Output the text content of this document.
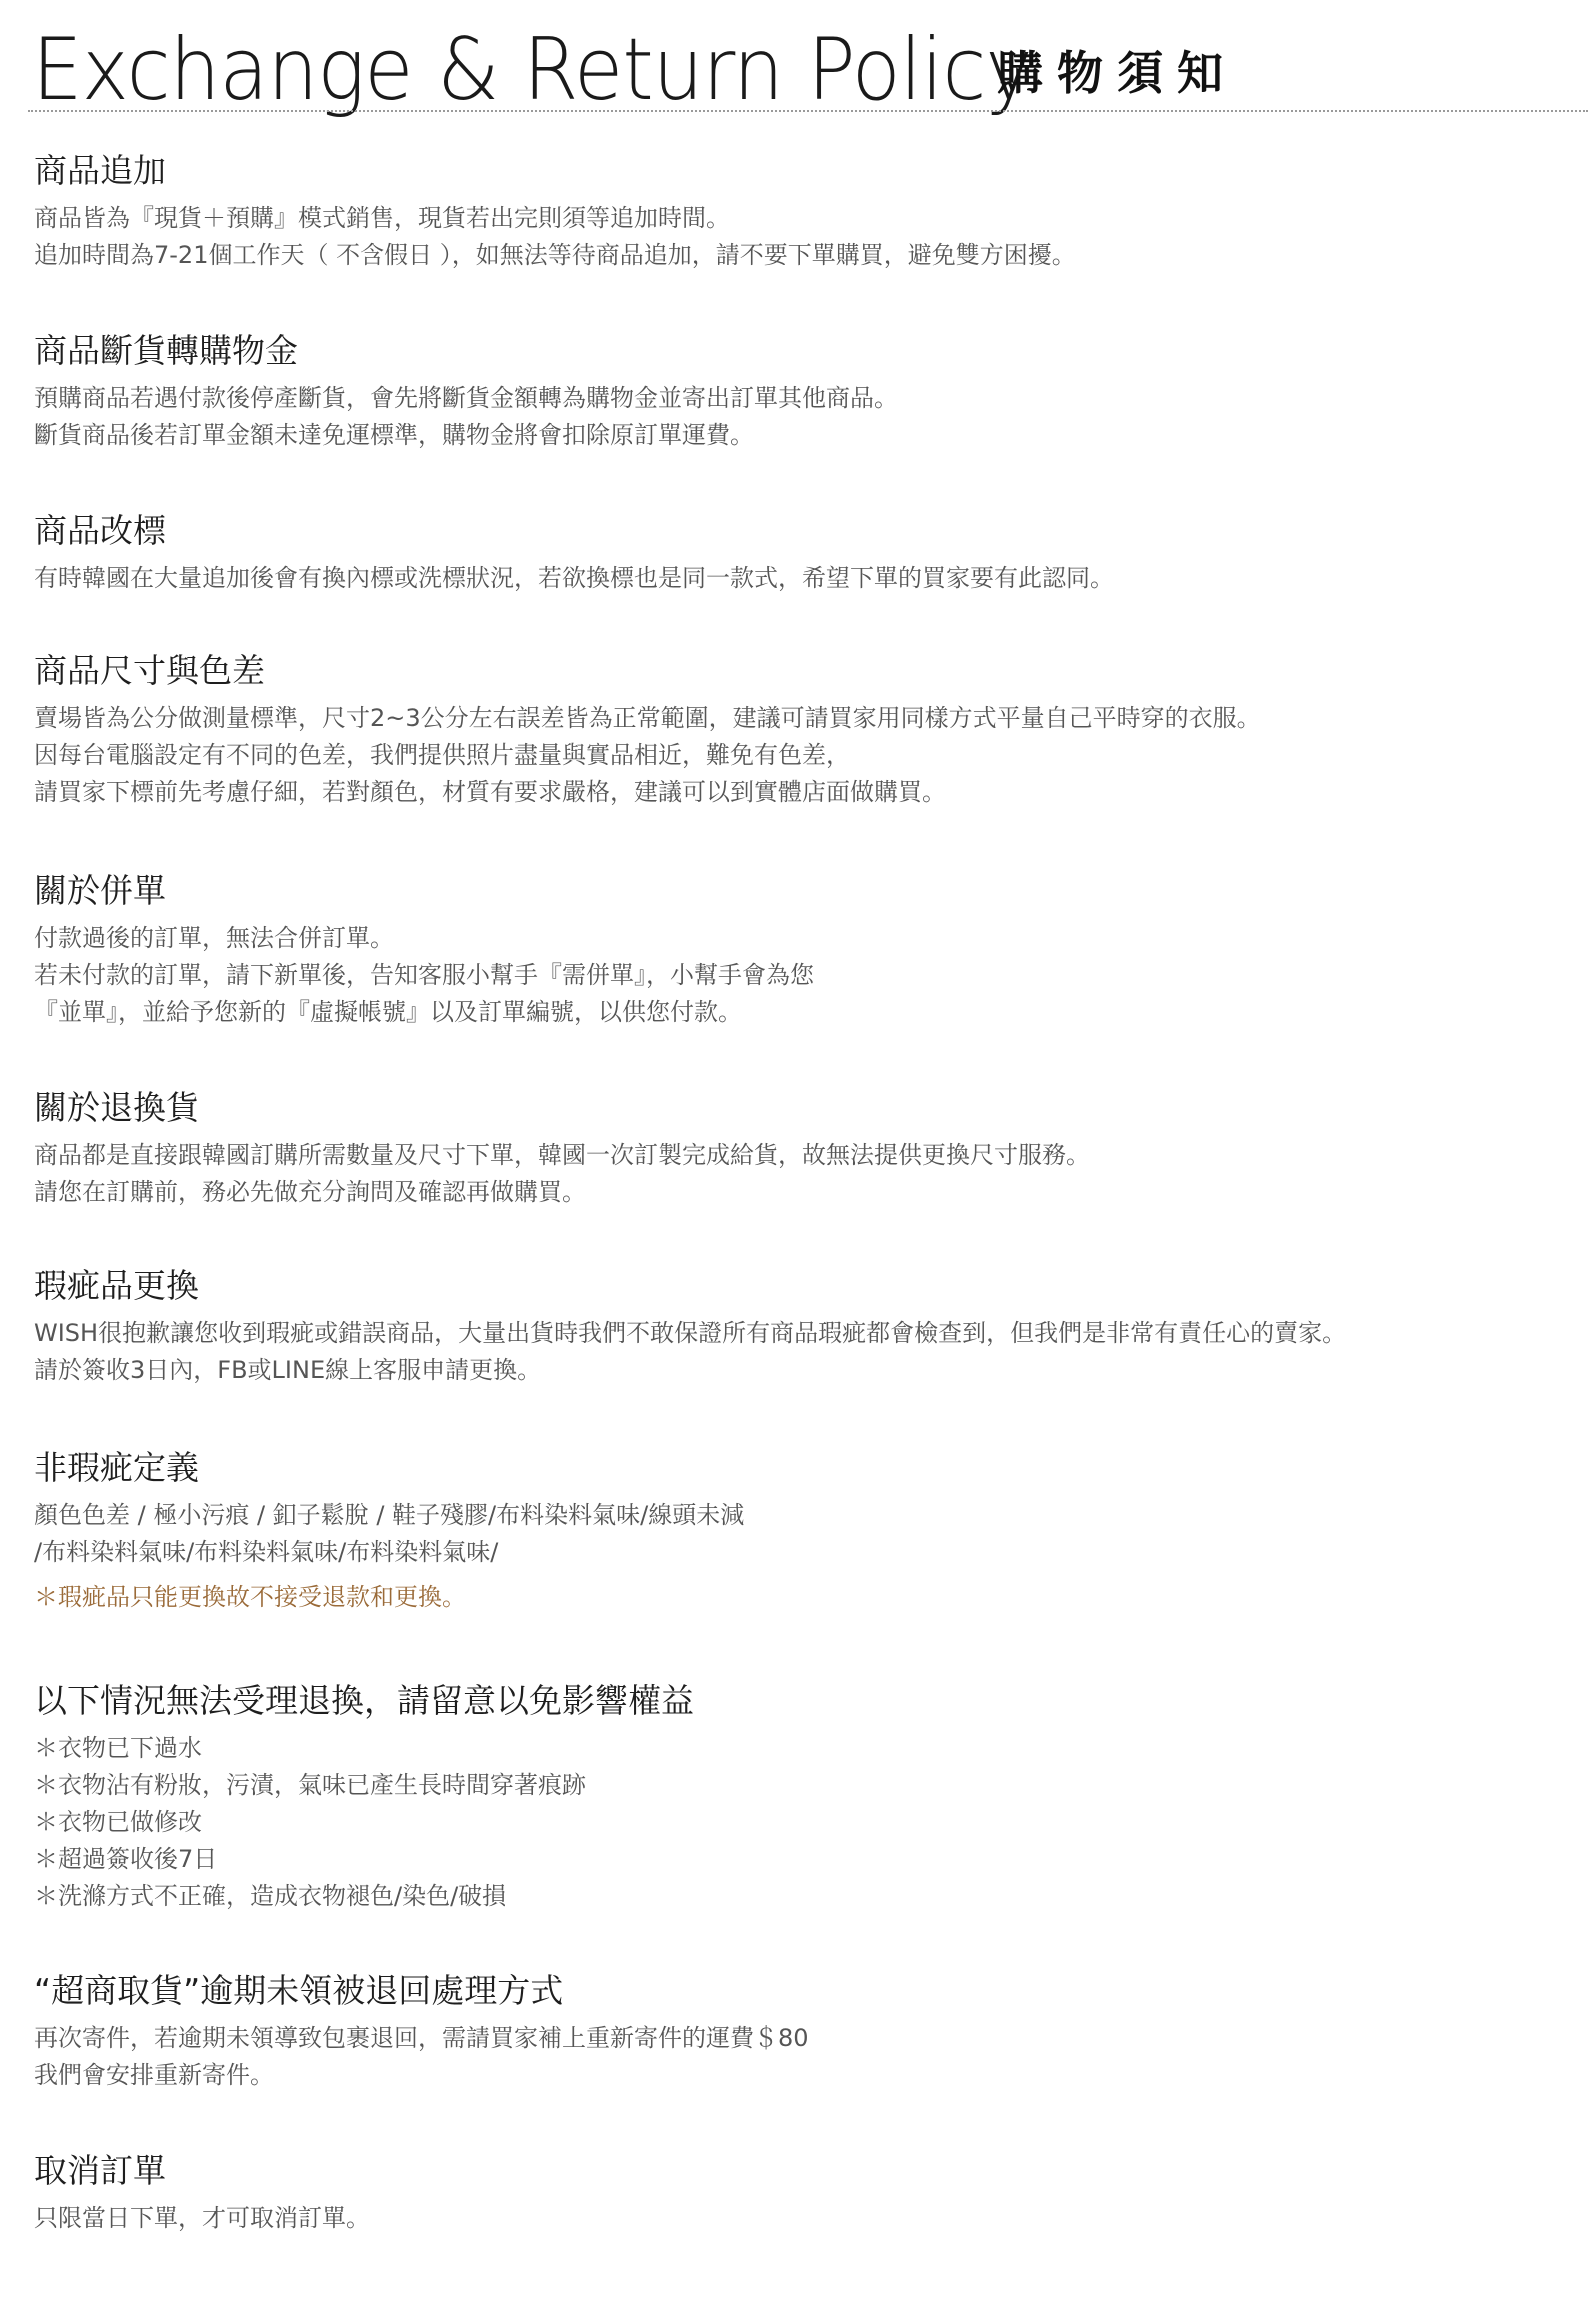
Exchange & Return Policy
購物須知
商品追加
商品皆為『現貨＋預購』模式銷售，現貨若出完則須等追加時間。
追加時間為7-21個工作天（ 不含假日 ），如無法等待商品追加，請不要下單購買，避免雙方困擾。
商品斷貨轉購物金
預購商品若遇付款後停產斷貨，會先將斷貨金額轉為購物金並寄出訂單其他商品。
斷貨商品後若訂單金額未達免運標準，購物金將會扣除原訂單運費。
商品改標
有時韓國在大量追加後會有換內標或洗標狀況，若欲換標也是同一款式，希望下單的買家要有此認同。
商品尺寸與色差
賣場皆為公分做測量標準，尺寸2~3公分左右誤差皆為正常範圍，建議可請買家用同樣方式平量自己平時穿的衣服。
因每台電腦設定有不同的色差，我們提供照片盡量與實品相近，難免有色差，
請買家下標前先考慮仔細，若對顏色，材質有要求嚴格，建議可以到實體店面做購買。
關於併單
付款過後的訂單，無法合併訂單。
若未付款的訂單，請下新單後，告知客服小幫手『需併單』，小幫手會為您
『並單』，並給予您新的『虛擬帳號』以及訂單編號，以供您付款。
關於退換貨
商品都是直接跟韓國訂購所需數量及尺寸下單，韓國一次訂製完成給貨，故無法提供更換尺寸服務。
請您在訂購前，務必先做充分詢問及確認再做購買。
瑕疵品更換
WISH很抱歉讓您收到瑕疵或錯誤商品，大量出貨時我們不敢保證所有商品瑕疵都會檢查到，但我們是非常有責任心的賣家。
請於簽收3日內，FB或LINE線上客服申請更換。
非瑕疵定義
顏色色差 / 極小污痕 / 釦子鬆脫 / 鞋子殘膠/布料染料氣味/線頭未減
/布料染料氣味/布料染料氣味/布料染料氣味/
＊瑕疵品只能更換故不接受退款和更換。
以下情況無法受理退換，請留意以免影響權益
＊衣物已下過水
＊衣物沾有粉妝，污漬，氣味已產生長時間穿著痕跡
＊衣物已做修改
＊超過簽收後7日
＊洗滌方式不正確，造成衣物褪色/染色/破損
“超商取貨”逾期未領被退回處理方式
再次寄件，若逾期未領導致包裹退回，需請買家補上重新寄件的運費＄80
我們會安排重新寄件。
取消訂單
只限當日下單，才可取消訂單。
